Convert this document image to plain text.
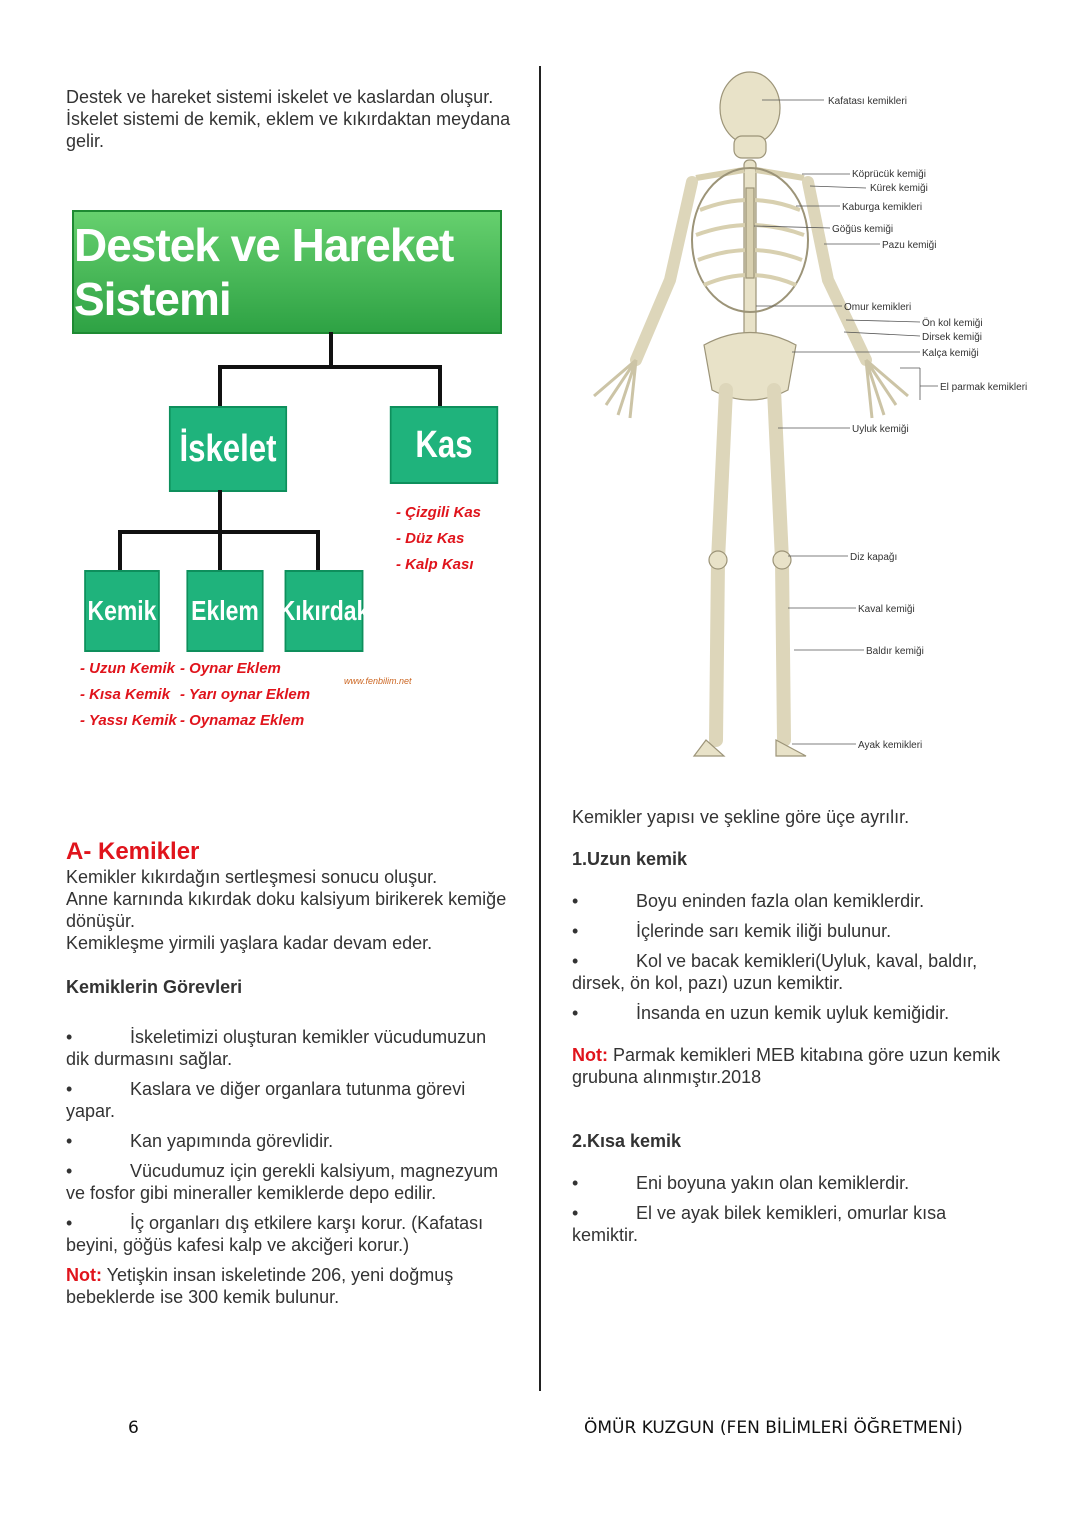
Destek ve hareket sistemi iskelet ve kaslardan oluşur.

İskelet sistemi de kemik, eklem ve kıkırdaktan meydana gelir.

Destek ve Hareket Sistemi
İskelet	Kas
- Çizgili Kas
- Düz Kas
- Kalp Kası
Kemik Eklem Kıkırdak
- Uzun Kemik
- Kısa Kemik
- Yassı Kemik
- Oynar Eklem
- Yarı oynar Eklem
- Oynamaz Eklem
www.fenbilim.net
Kafatası kemikleri
Köprücük kemiği
Kürek kemiği
Kaburga kemikleri
Göğüs kemiği
Pazu kemiği
Omur kemikleri
Ön kol kemiği
Dirsek kemiği
Kalça kemiği
El parmak kemikleri
Uyluk kemiği
Diz kapağı
Kaval kemiği
Baldır kemiği
Ayak kemikleri
A- Kemikler

Kemikler kıkırdağın sertleşmesi sonucu oluşur.

Anne karnında kıkırdak doku kalsiyum birikerek kemiğe dönüşür.

Kemikleşme yirmili yaşlara kadar devam eder.

Kemiklerin Görevleri

•	İskeletimizi oluşturan kemikler vücudumuzun dik durmasını sağlar.
•	Kaslara ve diğer organlara tutunma görevi yapar.
•	Kan yapımında görevlidir.
•	Vücudumuz için gerekli kalsiyum, magnezyum ve fosfor gibi mineraller kemiklerde depo edilir.
•	İç organları dış etkilere karşı korur. (Kafatası beyini, göğüs kafesi kalp ve akciğeri korur.)

Not: Yetişkin insan iskeletinde 206, yeni doğmuş bebeklerde ise 300 kemik bulunur.

Kemikler yapısı ve şekline göre üçe ayrılır.

1.Uzun kemik

•	Boyu eninden fazla olan kemiklerdir.
•	İçlerinde sarı kemik iliği bulunur.
•	Kol ve bacak kemikleri(Uyluk, kaval, baldır, dirsek, ön kol, pazı) uzun kemiktir.
•	İnsanda en uzun kemik uyluk kemiğidir.

Not: Parmak kemikleri MEB kitabına göre uzun kemik grubuna alınmıştır.2018

2.Kısa kemik

•	Eni boyuna yakın olan kemiklerdir.
•	El ve ayak bilek kemikleri, omurlar kısa kemiktir.
6	ÖMÜR KUZGUN (FEN BİLİMLERİ ÖĞRETMENİ)
